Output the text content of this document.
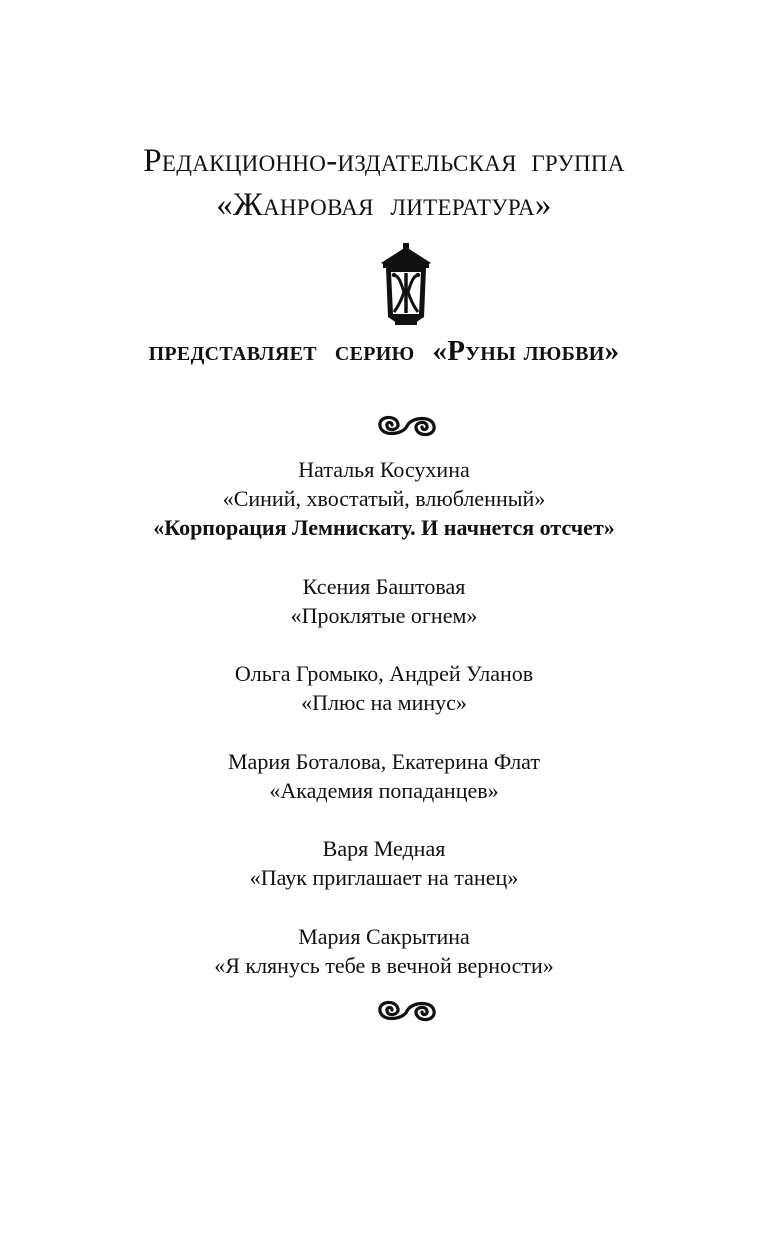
Редакционно-издательская группа
«Жанровая литература»
представляет серию «Руны любви»
Наталья Косухина
«Синий, хвостатый, влюбленный»
«Корпорация Лемнискату. И начнется отсчет»
Ксения Баштовая
«Проклятые огнем»
Ольга Громыко, Андрей Уланов
«Плюс на минус»
Мария Боталова, Екатерина Флат
«Академия попаданцев»
Варя Медная
«Паук приглашает на танец»
Мария Сакрытина
«Я клянусь тебе в вечной верности»
